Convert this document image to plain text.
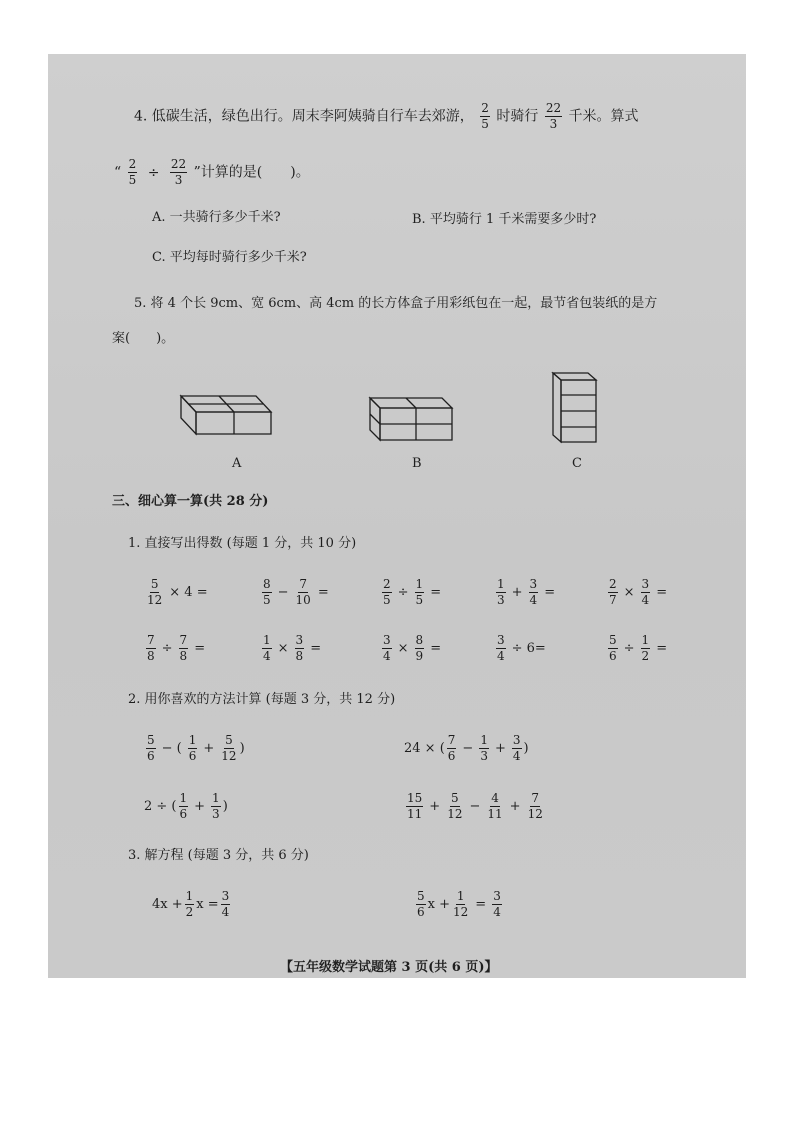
4. 低碳生活，绿色出行。周末李阿姨骑自行车去郊游， $\frac{2}{5}$ 时骑行 $\frac{22}{3}$ 千米。算式
“ $\frac{2}{5} \div \frac{22}{3}$ ”计算的是(　　)。
A. 一共骑行多少千米?	B. 平均骑行 1 千米需要多少时?
C. 平均每时骑行多少千米?
5. 将 4 个长 9cm、宽 6cm、高 4cm 的长方体盒子用彩纸包在一起，最节省包装纸的是方
案(　　)。
A	B	C
三、细心算一算(共 28 分)
1. 直接写出得数 (每题 1 分，共 10 分)
$\frac{5}{12} \times 4$ =	$\frac{8}{5} - \frac{7}{10}$ =	$\frac{2}{5} \div \frac{1}{5}$ =	$\frac{1}{3} + \frac{3}{4}$ =	$\frac{2}{7} \times \frac{3}{4}$ =
$\frac{7}{8} \div \frac{7}{8}$ =	$\frac{1}{4} \times \frac{3}{8}$ =	$\frac{3}{4} \times \frac{8}{9}$ =	$\frac{3}{4} \div 6=$	$\frac{5}{6} \div \frac{1}{2}$ =
2. 用你喜欢的方法计算 (每题 3 分，共 12 分)
$\frac{5}{6}$ − ( $\frac{1}{6} + \frac{5}{12}$ )	24 × ( $\frac{7}{6} - \frac{1}{3} + \frac{3}{4}$ )
2 ÷ ( $\frac{1}{6} + \frac{1}{3}$ )	$\frac{15}{11} + \frac{5}{12} - \frac{4}{11} + \frac{7}{12}$
3. 解方程 (每题 3 分，共 6 分)
$4x + \frac{1}{2}$ $x = \frac{3}{4}$	$\frac{5}{6}$ $x + \frac{1}{12} = \frac{3}{4}$
【五年级数学试题第 3 页(共 6 页)】
